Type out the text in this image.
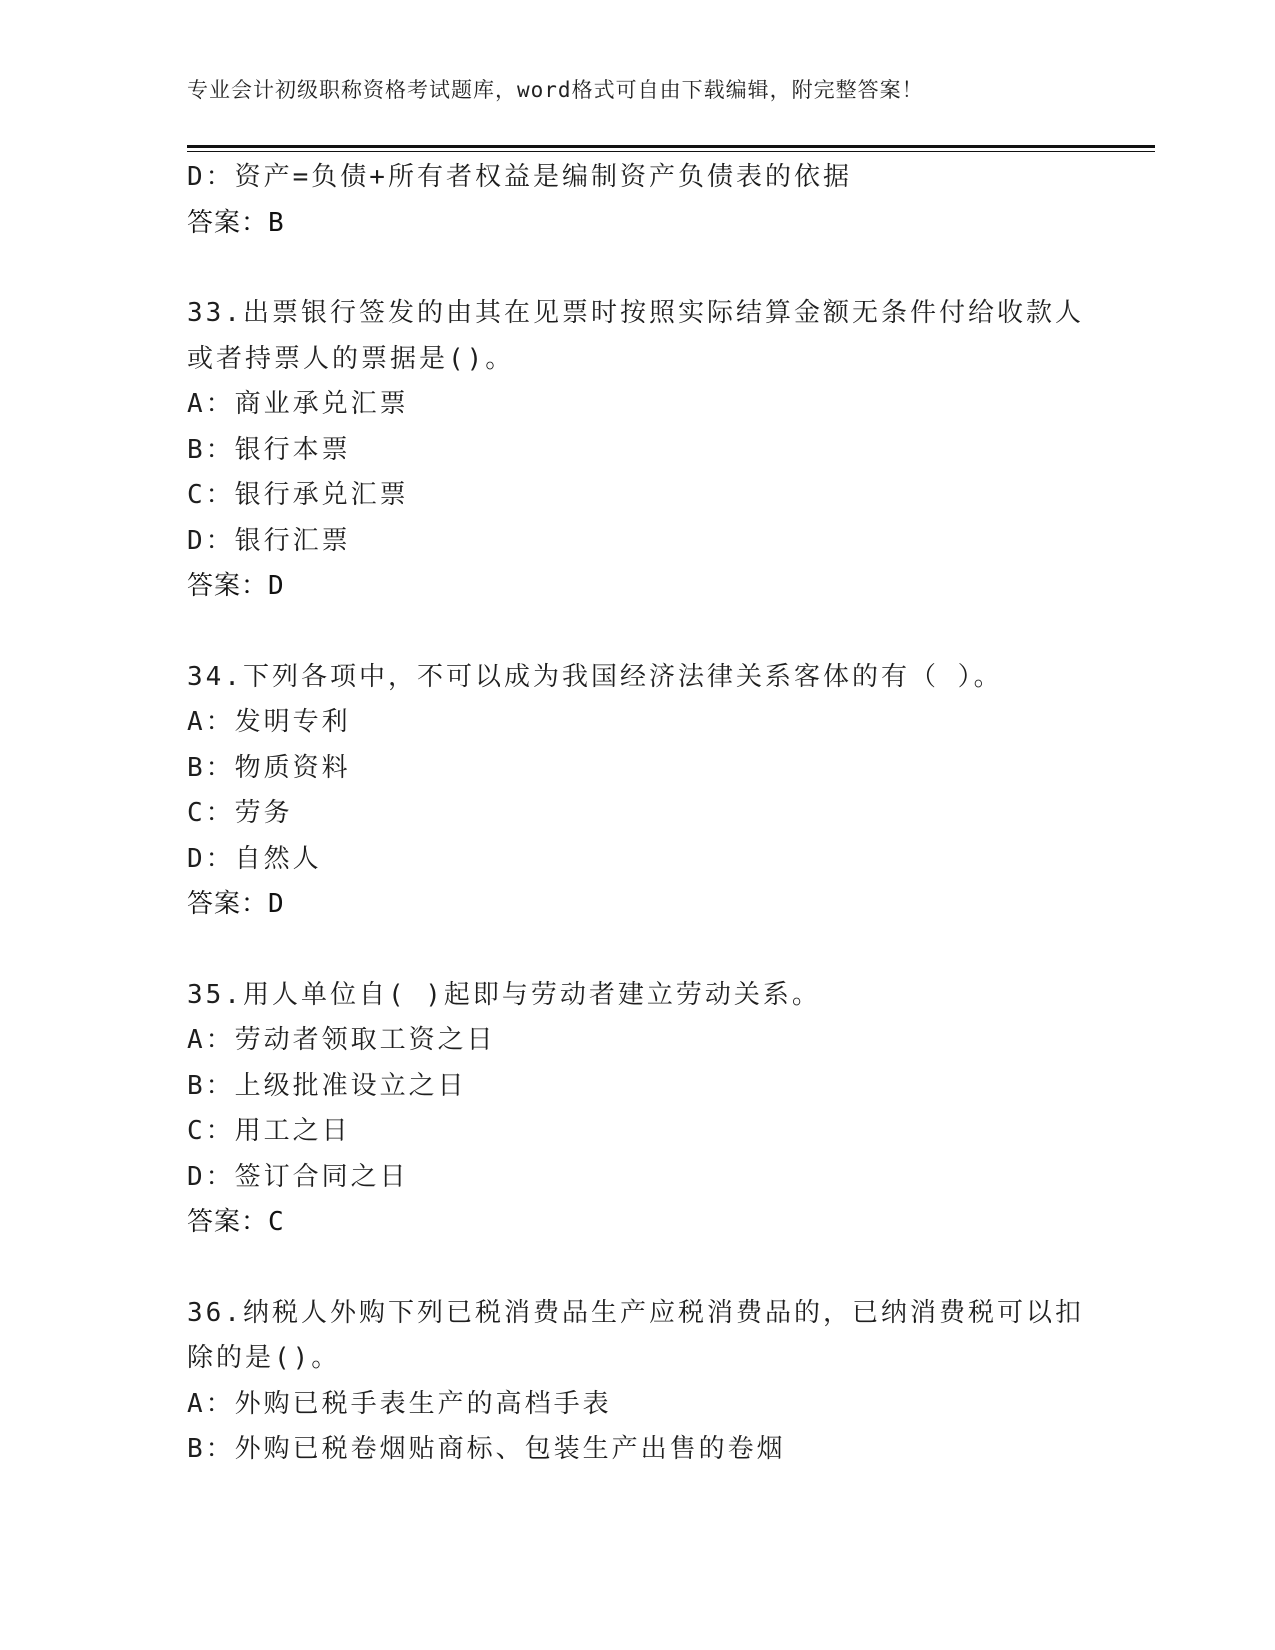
专业会计初级职称资格考试题库，word格式可自由下载编辑，附完整答案！
D：资产=负债+所有者权益是编制资产负债表的依据
答案：B
33.出票银行签发的由其在见票时按照实际结算金额无条件付给收款人
或者持票人的票据是()。
A：商业承兑汇票
B：银行本票
C：银行承兑汇票
D：银行汇票
答案：D
34.下列各项中，不可以成为我国经济法律关系客体的有（ ）。
A：发明专利
B：物质资料
C：劳务
D：自然人
答案：D
35.用人单位自( )起即与劳动者建立劳动关系。
A：劳动者领取工资之日
B：上级批准设立之日
C：用工之日
D：签订合同之日
答案：C
36.纳税人外购下列已税消费品生产应税消费品的，已纳消费税可以扣
除的是()。
A：外购已税手表生产的高档手表
B：外购已税卷烟贴商标、包装生产出售的卷烟
